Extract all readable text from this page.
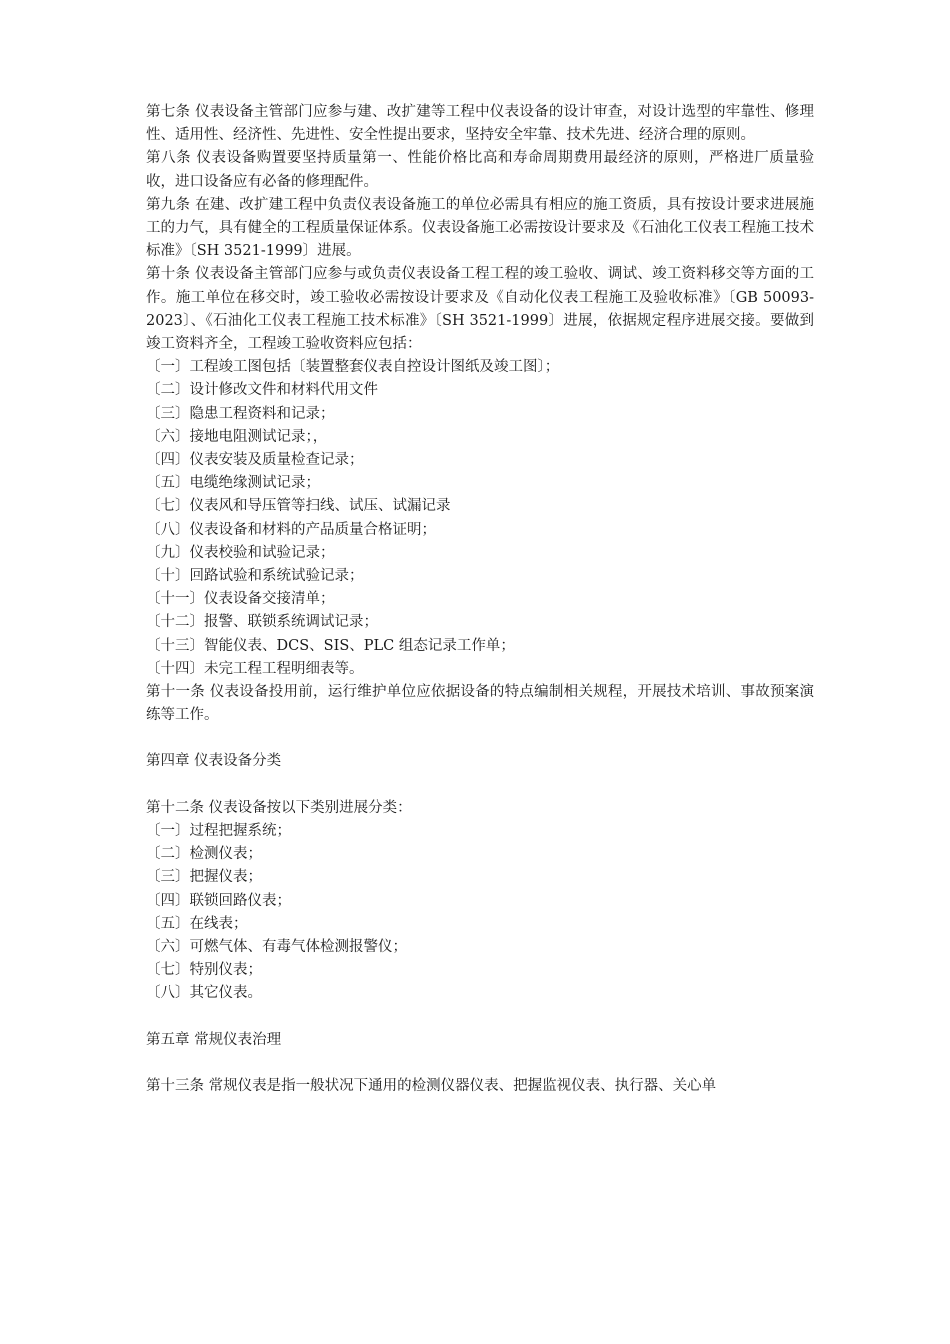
第七条 仪表设备主管部门应参与建、改扩建等工程中仪表设备的设计审查，对设计选型的牢靠性、修理性、适用性、经济性、先进性、安全性提出要求，坚持安全牢靠、技术先进、经济合理的原则。

第八条 仪表设备购置要坚持质量第一、性能价格比高和寿命周期费用最经济的原则，严格进厂质量验收，进口设备应有必备的修理配件。

第九条 在建、改扩建工程中负责仪表设备施工的单位必需具有相应的施工资质，具有按设计要求进展施工的力气，具有健全的工程质量保证体系。仪表设备施工必需按设计要求及《石油化工仪表工程施工技术标准》〔SH 3521-1999〕进展。

第十条 仪表设备主管部门应参与或负责仪表设备工程工程的竣工验收、调试、竣工资料移交等方面的工作。施工单位在移交时，竣工验收必需按设计要求及《自动化仪表工程施工及验收标准》〔GB 50093-2023〕、《石油化工仪表工程施工技术标准》〔SH 3521-1999〕进展，依据规定程序进展交接。要做到竣工资料齐全，工程竣工验收资料应包括：

〔一〕工程竣工图包括〔装置整套仪表自控设计图纸及竣工图〕；

〔二〕设计修改文件和材料代用文件

〔三〕隐患工程资料和记录；

〔六〕接地电阻测试记录；，

〔四〕仪表安装及质量检查记录；

〔五〕电缆绝缘测试记录；

〔七〕仪表风和导压管等扫线、试压、试漏记录

〔八〕仪表设备和材料的产品质量合格证明；

〔九〕仪表校验和试验记录；

〔十〕回路试验和系统试验记录；

〔十一〕仪表设备交接清单；

〔十二〕报警、联锁系统调试记录；

〔十三〕智能仪表、DCS、SIS、PLC 组态记录工作单；

〔十四〕未完工程工程明细表等。

第十一条 仪表设备投用前，运行维护单位应依据设备的特点编制相关规程，开展技术培训、事故预案演练等工作。

第四章 仪表设备分类

第十二条 仪表设备按以下类别进展分类：

〔一〕过程把握系统；

〔二〕检测仪表；

〔三〕把握仪表；

〔四〕联锁回路仪表；

〔五〕在线表；

〔六〕可燃气体、有毒气体检测报警仪；

〔七〕特别仪表；

〔八〕其它仪表。

第五章 常规仪表治理

第十三条 常规仪表是指一般状况下通用的检测仪器仪表、把握监视仪表、执行器、关心单
